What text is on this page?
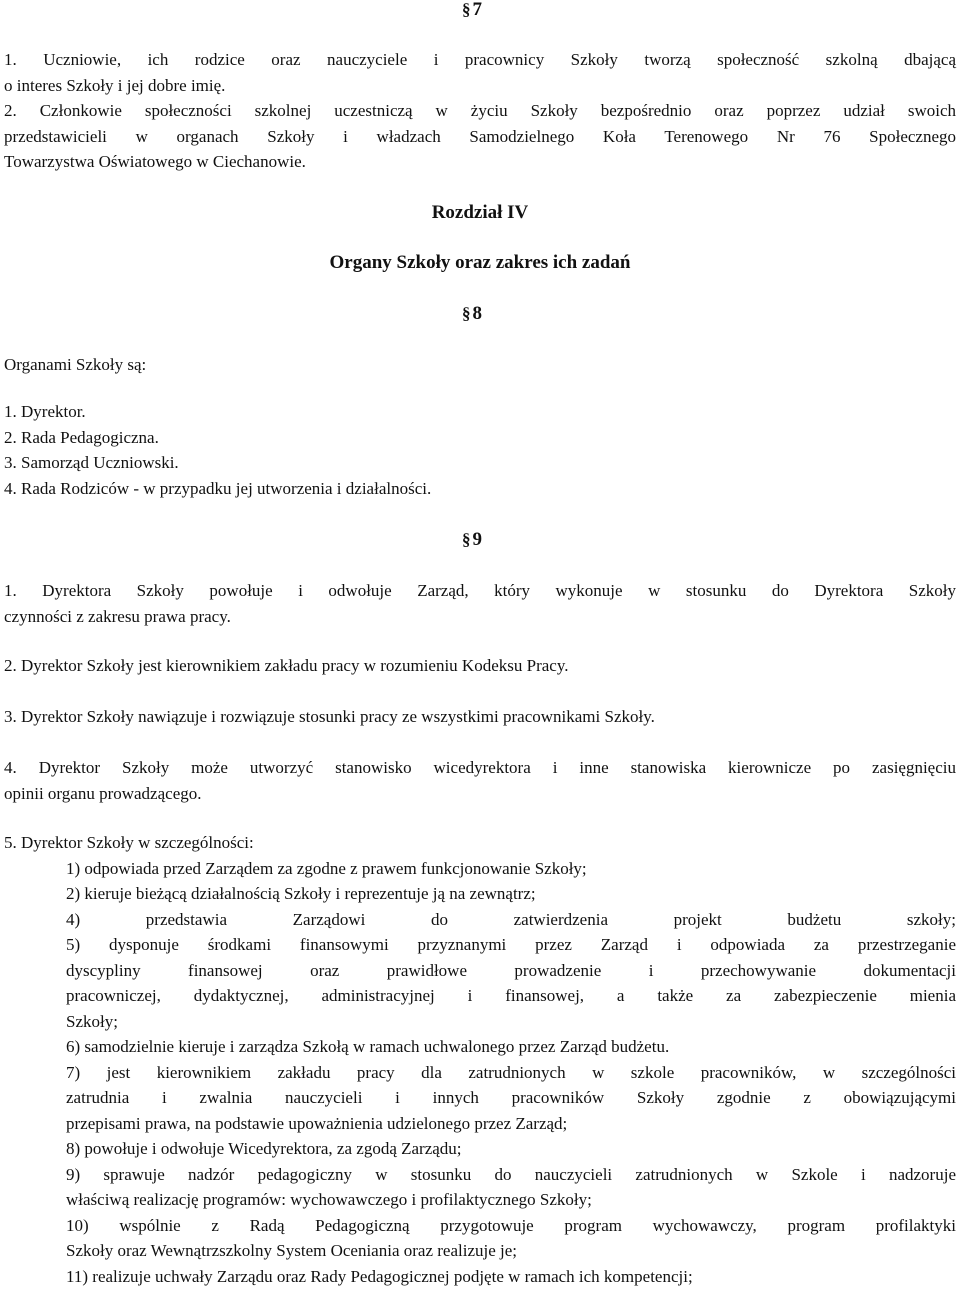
§ 7
1. Uczniowie, ich rodzice oraz nauczyciele i pracownicy Szkoły tworzą społeczność szkolną dbającą
o interes Szkoły i jej dobre imię.
2. Członkowie społeczności szkolnej uczestniczą w życiu Szkoły bezpośrednio oraz poprzez udział swoich
przedstawicieli w organach Szkoły i władzach Samodzielnego Koła Terenowego Nr 76 Społecznego
Towarzystwa Oświatowego w Ciechanowie.
Rozdział IV
Organy Szkoły oraz zakres ich zadań
§ 8
Organami Szkoły są:
1. Dyrektor.
2. Rada Pedagogiczna.
3. Samorząd Uczniowski.
4. Rada Rodziców - w przypadku jej utworzenia i działalności.
§ 9
1. Dyrektora Szkoły powołuje i odwołuje Zarząd, który wykonuje w stosunku do Dyrektora Szkoły
czynności z zakresu prawa pracy.
2. Dyrektor Szkoły jest kierownikiem zakładu pracy w rozumieniu Kodeksu Pracy.
3. Dyrektor Szkoły nawiązuje i rozwiązuje stosunki pracy ze wszystkimi pracownikami Szkoły.
4. Dyrektor Szkoły może utworzyć stanowisko wicedyrektora i inne stanowiska kierownicze po zasięgnięciu
opinii organu prowadzącego.
5. Dyrektor Szkoły w szczególności:
1) odpowiada przed Zarządem za zgodne z prawem funkcjonowanie Szkoły;
2) kieruje bieżącą działalnością Szkoły i reprezentuje ją na zewnątrz;
4) przedstawia Zarządowi do zatwierdzenia projekt budżetu szkoły;
5) dysponuje środkami finansowymi przyznanymi przez Zarząd i odpowiada za przestrzeganie
dyscypliny finansowej oraz prawidłowe prowadzenie i przechowywanie dokumentacji
pracowniczej, dydaktycznej, administracyjnej i finansowej, a także za zabezpieczenie mienia
Szkoły;
6) samodzielnie kieruje i zarządza Szkołą w ramach uchwalonego przez Zarząd budżetu.
7) jest kierownikiem zakładu pracy dla zatrudnionych w szkole pracowników, w szczególności
zatrudnia i zwalnia nauczycieli i innych pracowników Szkoły zgodnie z obowiązującymi
przepisami prawa, na podstawie upoważnienia udzielonego przez Zarząd;
8) powołuje i odwołuje Wicedyrektora, za zgodą Zarządu;
9) sprawuje nadzór pedagogiczny w stosunku do nauczycieli zatrudnionych w Szkole i nadzoruje
właściwą realizację programów: wychowawczego i profilaktycznego Szkoły;
10) wspólnie z Radą Pedagogiczną przygotowuje program wychowawczy, program profilaktyki
Szkoły oraz Wewnątrzszkolny System Oceniania oraz realizuje je;
11) realizuje uchwały Zarządu oraz Rady Pedagogicznej podjęte w ramach ich kompetencji;
